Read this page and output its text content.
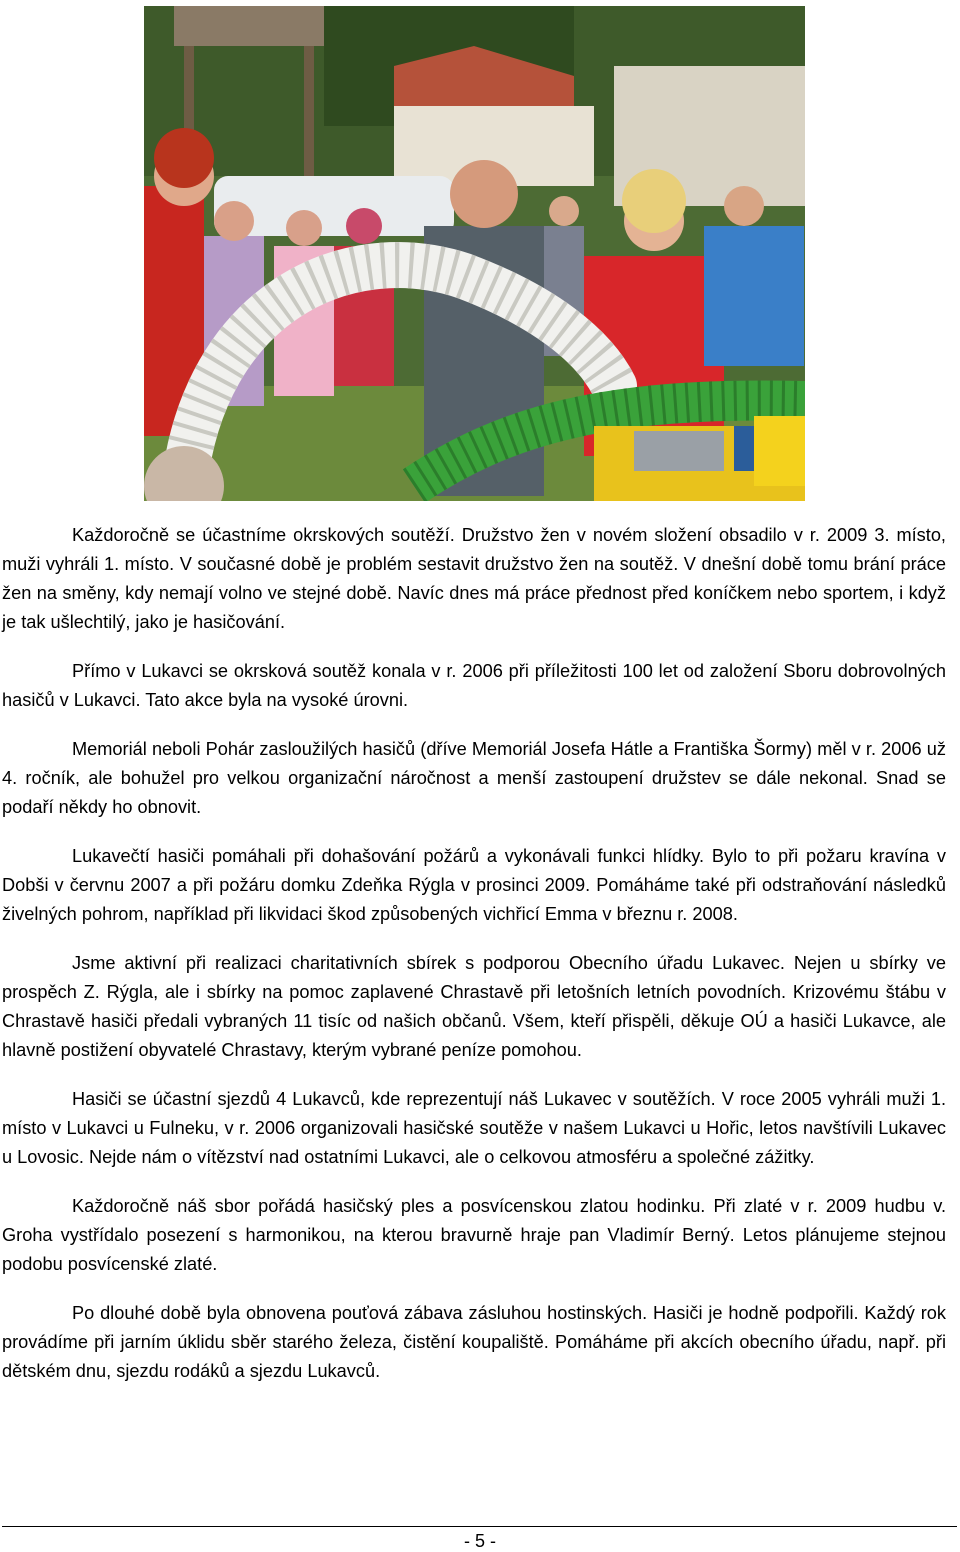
Každoročně se účastníme okrskových soutěží. Družstvo žen v novém složení obsadilo v r. 2009 3. místo, muži vyhráli 1. místo. V současné době je problém sestavit družstvo žen na soutěž. V dnešní době tomu brání práce žen na směny, kdy nemají volno ve stejné době. Navíc dnes má práce přednost před koníčkem nebo sportem, i když je tak ušlechtilý, jako je hasičování.

Přímo v Lukavci se okrsková soutěž konala v r. 2006 při příležitosti 100 let od založení Sboru dobrovolných hasičů v Lukavci. Tato akce byla na vysoké úrovni.

Memoriál neboli Pohár zasloužilých hasičů (dříve Memoriál Josefa Hátle a Františka Šormy) měl v r. 2006 už 4. ročník, ale bohužel pro velkou organizační náročnost a menší zastoupení družstev se dále nekonal. Snad se podaří někdy ho obnovit.

Lukavečtí hasiči pomáhali při dohašování požárů a vykonávali funkci hlídky. Bylo to při požaru kravína v Dobši v červnu 2007 a při požáru domku Zdeňka Rýgla v prosinci 2009. Pomáháme také při odstraňování následků živelných pohrom, například při likvidaci škod způsobených vichřicí Emma v březnu r. 2008.

Jsme aktivní při realizaci charitativních sbírek s podporou Obecního úřadu Lukavec. Nejen u sbírky ve prospěch Z. Rýgla, ale i sbírky na pomoc zaplavené Chrastavě při letošních letních povodních. Krizovému štábu v Chrastavě hasiči předali vybraných 11 tisíc od našich občanů. Všem, kteří přispěli, děkuje OÚ a hasiči Lukavce, ale hlavně postižení obyvatelé Chrastavy, kterým vybrané peníze pomohou.

Hasiči se účastní sjezdů 4 Lukavců, kde reprezentují náš Lukavec v soutěžích. V roce 2005 vyhráli muži 1. místo v Lukavci u Fulneku, v r. 2006 organizovali hasičské soutěže v našem Lukavci u Hořic, letos navštívili Lukavec u Lovosic. Nejde nám o vítězství nad ostatními Lukavci, ale o celkovou atmosféru a společné zážitky.

Každoročně náš sbor pořádá hasičský ples a posvícenskou zlatou hodinku. Při zlaté v r. 2009 hudbu v. Groha vystřídalo posezení s harmonikou, na kterou bravurně hraje pan Vladimír Berný. Letos plánujeme stejnou podobu posvícenské zlaté.

Po dlouhé době byla obnovena pouťová zábava zásluhou hostinských. Hasiči je hodně podpořili. Každý rok provádíme při jarním úklidu sběr starého železa, čistění koupaliště. Pomáháme při akcích obecního úřadu, např. při dětském dnu, sjezdu rodáků a sjezdu Lukavců.

- 5 -
